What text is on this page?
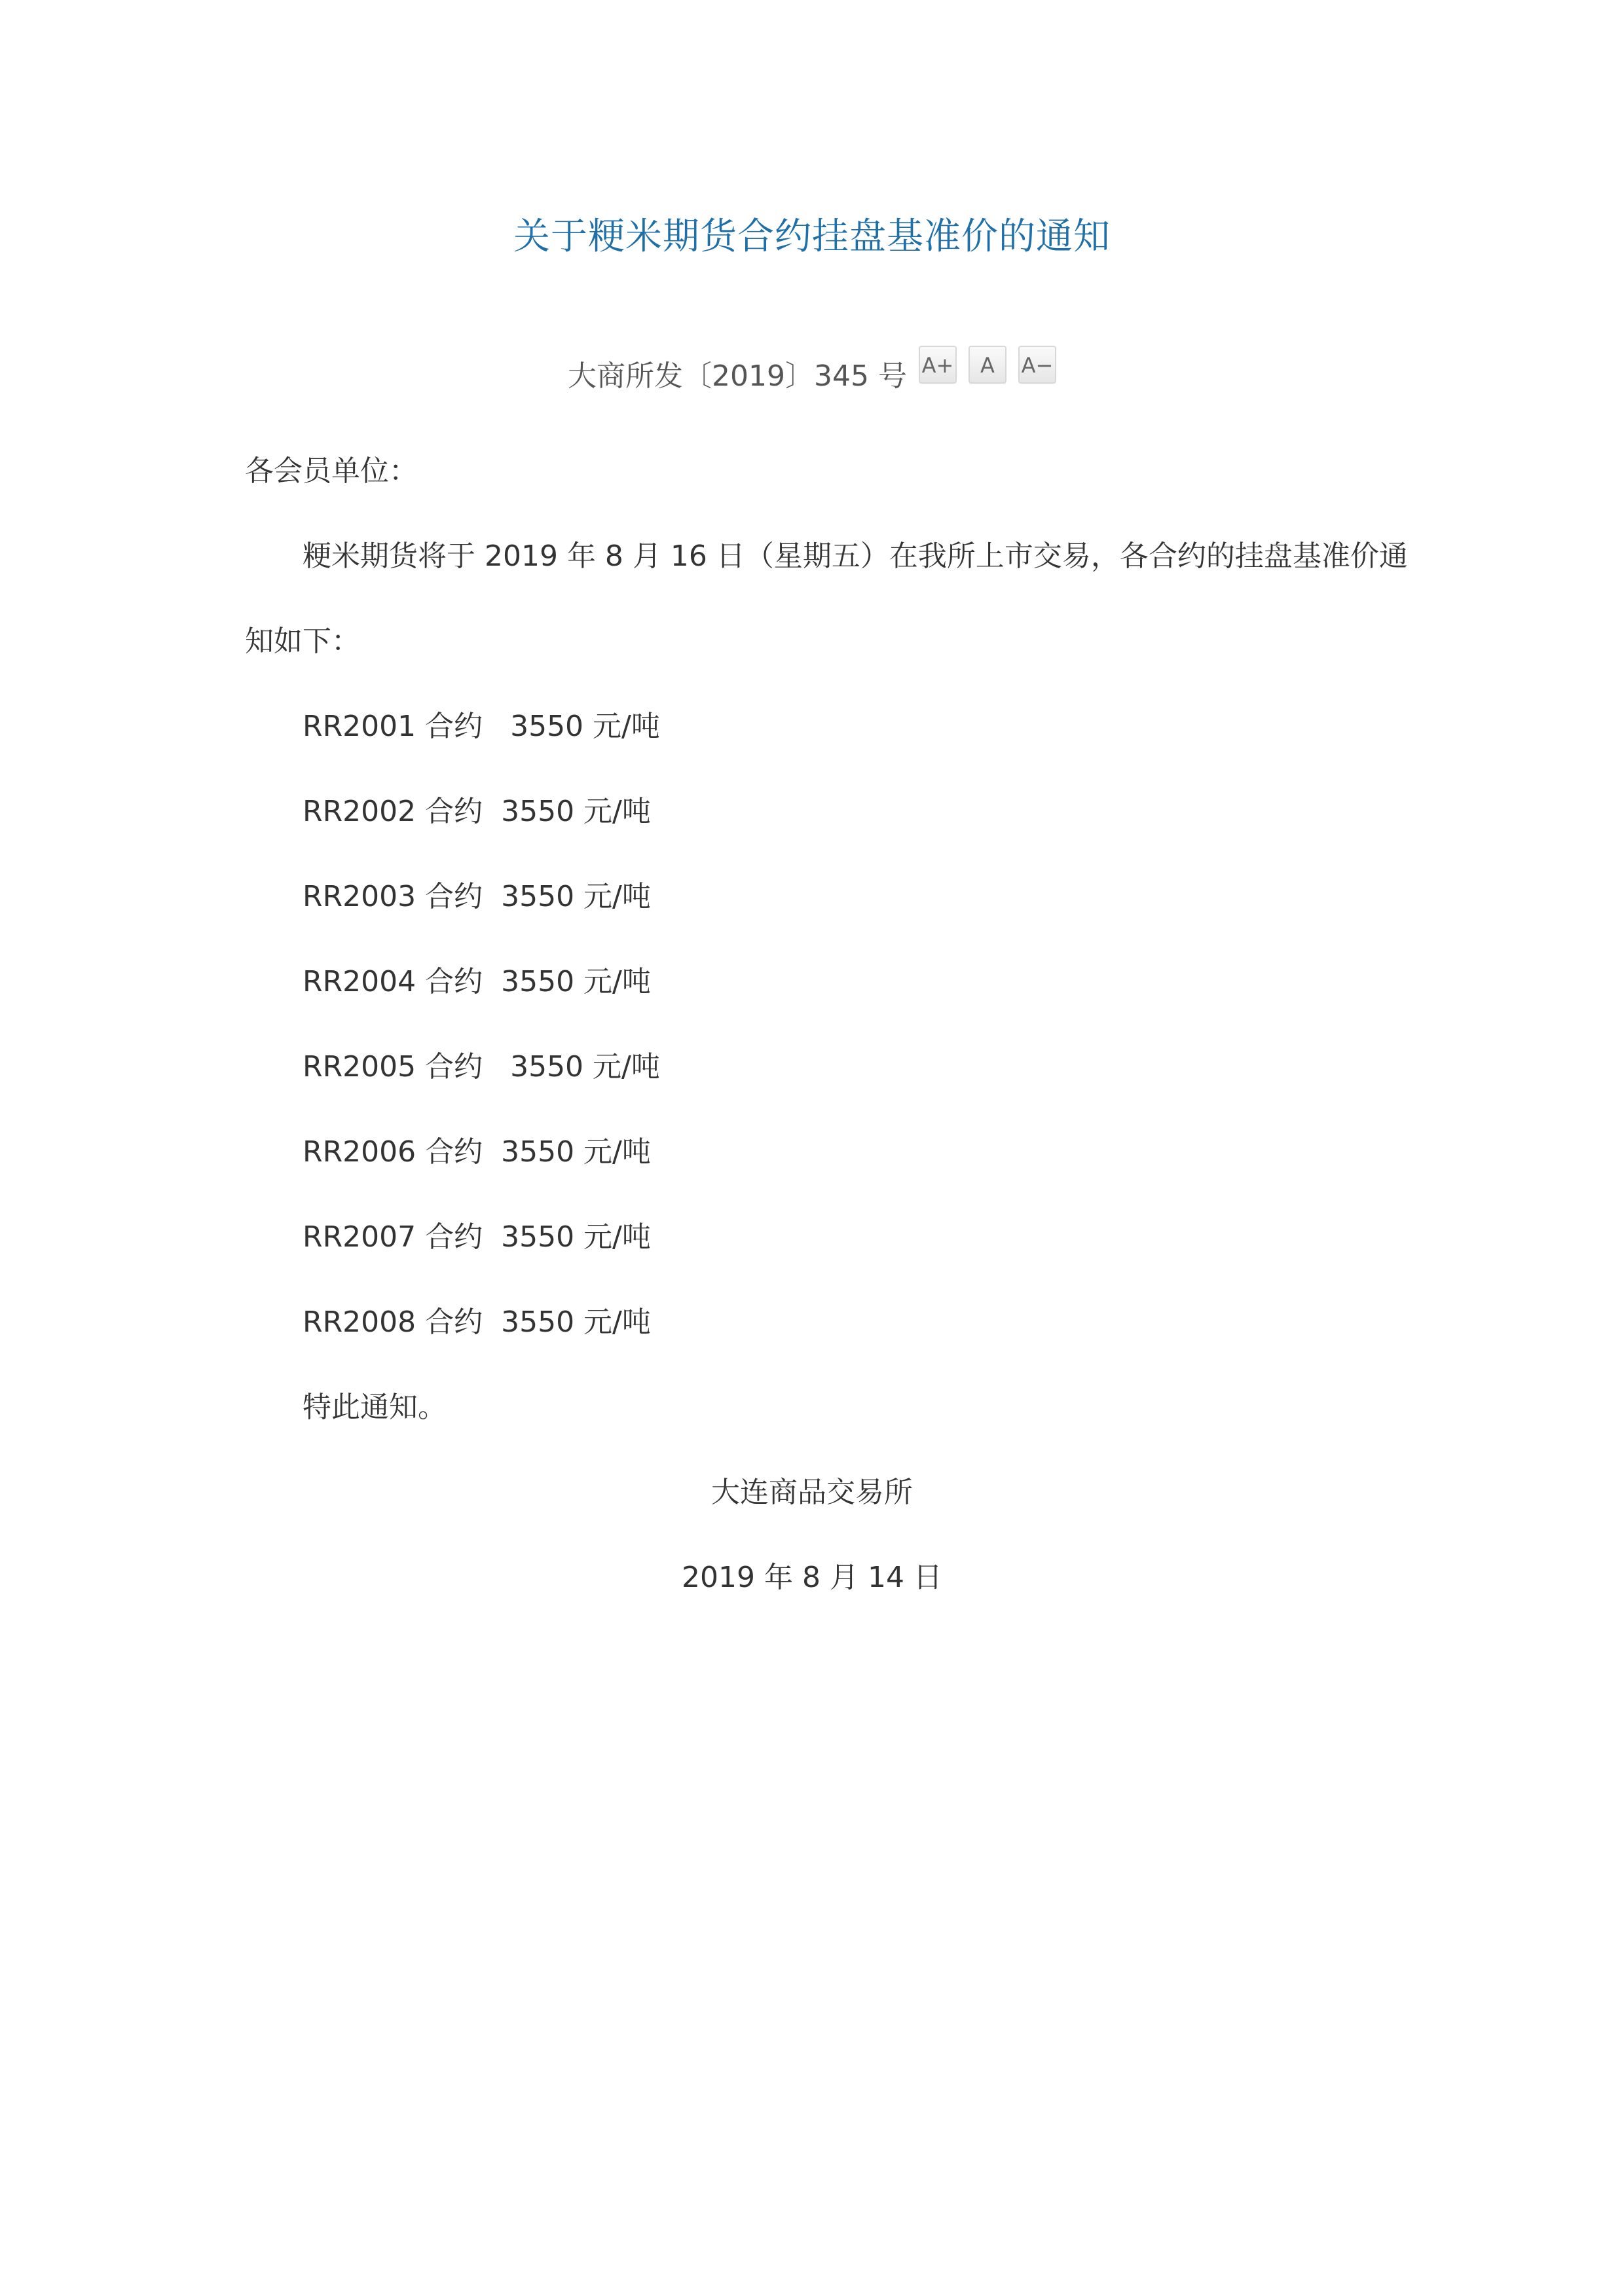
关于粳米期货合约挂盘基准价的通知
大商所发〔2019〕345 号 A+ A A−
各会员单位：
粳米期货将于 2019 年 8 月 16 日（星期五）在我所上市交易，各合约的挂盘基准价通
知如下：
RR2001 合约 3550 元/吨
RR2002 合约 3550 元/吨
RR2003 合约 3550 元/吨
RR2004 合约 3550 元/吨
RR2005 合约 3550 元/吨
RR2006 合约 3550 元/吨
RR2007 合约 3550 元/吨
RR2008 合约 3550 元/吨
特此通知。
大连商品交易所
2019 年 8 月 14 日
